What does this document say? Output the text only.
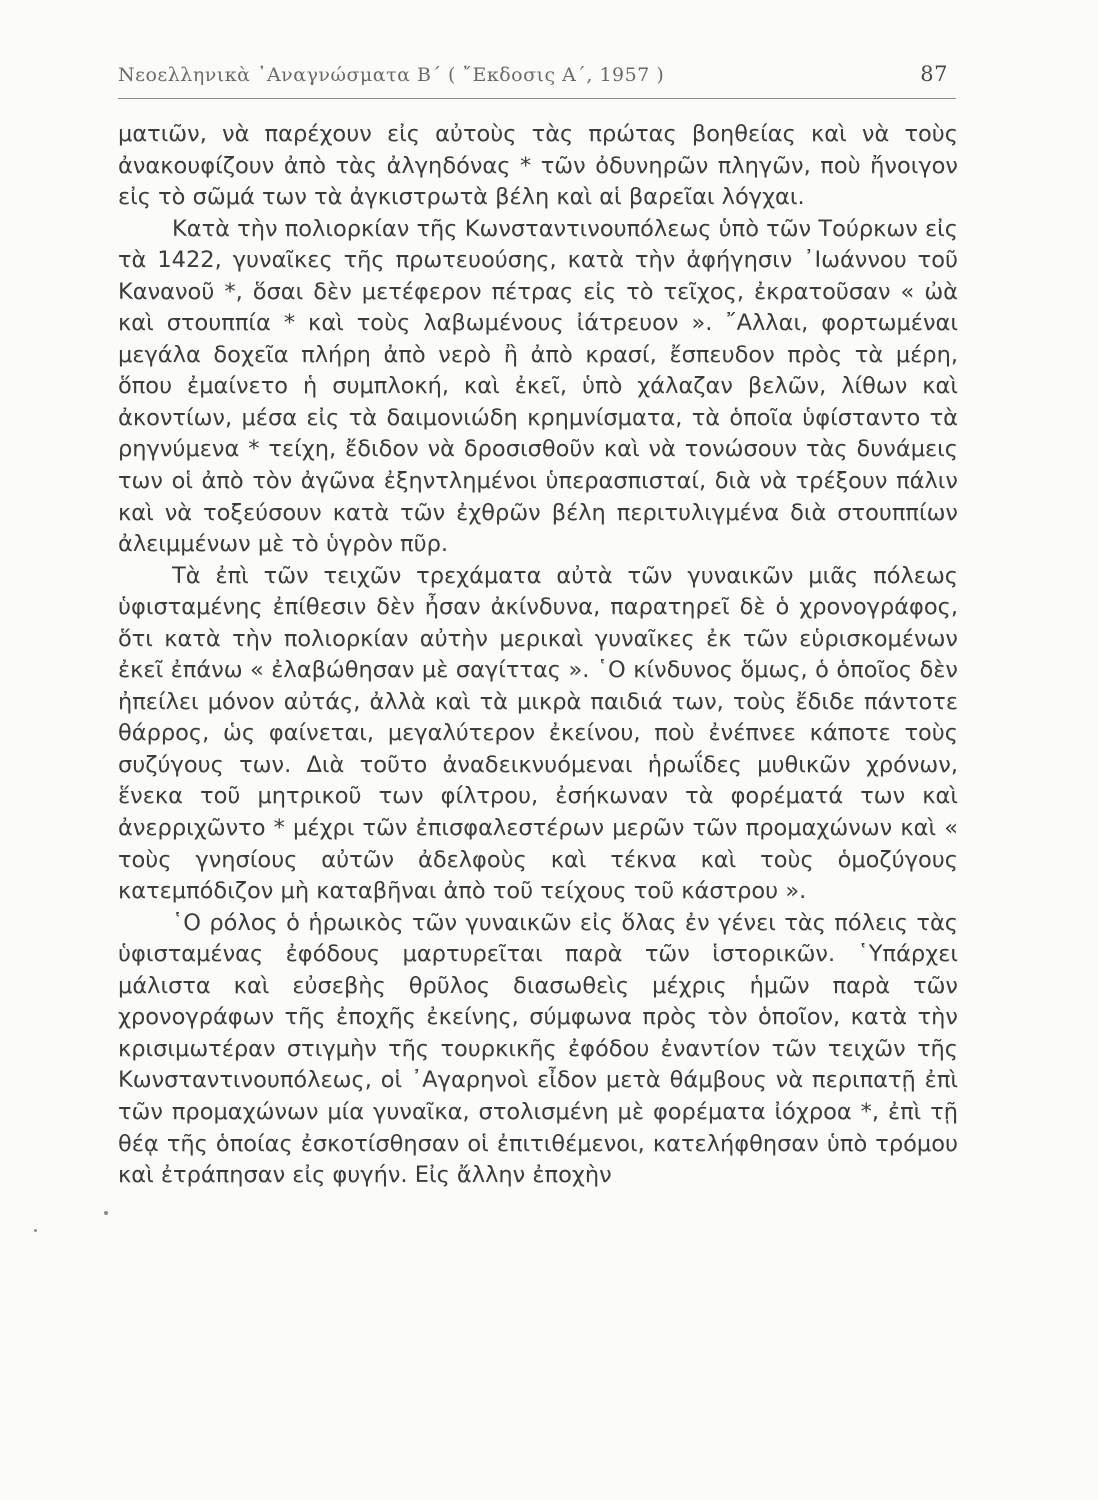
Νεοελληνικὰ ᾿Αναγνώσματα Β΄ ( ῎Εκδοσις Α΄, 1957 )	87

ματιῶν, νὰ παρέχουν εἰς αὐτοὺς τὰς πρώτας βοηθείας καὶ νὰ τοὺς ἀνακουφίζουν ἀπὸ τὰς ἀλγηδόνας * τῶν ὀδυνηρῶν πληγῶν, ποὺ ἤνοιγον εἰς τὸ σῶμά των τὰ ἀγκιστρωτὰ βέλη καὶ αἱ βαρεῖαι λόγχαι.

Κατὰ τὴν πολιορκίαν τῆς Κωνσταντινουπόλεως ὑπὸ τῶν Τούρκων εἰς τὰ 1422, γυναῖκες τῆς πρωτευούσης, κατὰ τὴν ἀφήγησιν ᾿Ιωάννου τοῦ Κανανοῦ *, ὅσαι δὲν μετέφερον πέτρας εἰς τὸ τεῖχος, ἐκρατοῦσαν « ὠὰ καὶ στουππία * καὶ τοὺς λαβωμένους ἰάτρευον ». ῎Αλλαι, φορτωμέναι μεγάλα δοχεῖα πλήρη ἀπὸ νερὸ ἢ ἀπὸ κρασί, ἔσπευδον πρὸς τὰ μέρη, ὅπου ἐμαίνετο ἡ συμπλοκή, καὶ ἐκεῖ, ὑπὸ χάλαζαν βελῶν, λίθων καὶ ἀκοντίων, μέσα εἰς τὰ δαιμονιώδη κρημνίσματα, τὰ ὁποῖα ὑφίσταντο τὰ ρηγνύμενα * τείχη, ἔδιδον νὰ δροσισθοῦν καὶ νὰ τονώσουν τὰς δυνάμεις των οἱ ἀπὸ τὸν ἀγῶνα ἐξηντλημένοι ὑπερασπισταί, διὰ νὰ τρέξουν πάλιν καὶ νὰ τοξεύσουν κατὰ τῶν ἐχθρῶν βέλη περιτυλιγμένα διὰ στουππίων ἀλειμμένων μὲ τὸ ὑγρὸν πῦρ.

Τὰ ἐπὶ τῶν τειχῶν τρεχάματα αὐτὰ τῶν γυναικῶν μιᾶς πόλεως ὑφισταμένης ἐπίθεσιν δὲν ἦσαν ἀκίνδυνα, παρατηρεῖ δὲ ὁ χρονογράφος, ὅτι κατὰ τὴν πολιορκίαν αὐτὴν μερικαὶ γυναῖκες ἐκ τῶν εὑρισκομένων ἐκεῖ ἐπάνω « ἐλαβώθησαν μὲ σαγίττας ». ῾Ο κίνδυνος ὅμως, ὁ ὁποῖος δὲν ἠπείλει μόνον αὐτάς, ἀλλὰ καὶ τὰ μικρὰ παιδιά των, τοὺς ἔδιδε πάντοτε θάρρος, ὡς φαίνεται, μεγαλύτερον ἐκείνου, ποὺ ἐνέπνεε κάποτε τοὺς συζύγους των. Διὰ τοῦτο ἀναδεικνυόμεναι ἡρωΐδες μυθικῶν χρόνων, ἕνεκα τοῦ μητρικοῦ των φίλτρου, ἐσήκωναν τὰ φορέματά των καὶ ἀνερριχῶντο * μέχρι τῶν ἐπισφαλεστέρων μερῶν τῶν προμαχώνων καὶ « τοὺς γνησίους αὐτῶν ἀδελφοὺς καὶ τέκνα καὶ τοὺς ὁμοζύγους κατεμπόδιζον μὴ καταβῆναι ἀπὸ τοῦ τείχους τοῦ κάστρου ».

῾Ο ρόλος ὁ ἡρωικὸς τῶν γυναικῶν εἰς ὅλας ἐν γένει τὰς πόλεις τὰς ὑφισταμένας ἐφόδους μαρτυρεῖται παρὰ τῶν ἱστορικῶν. ῾Υπάρχει μάλιστα καὶ εὐσεβὴς θρῦλος διασωθεὶς μέχρις ἡμῶν παρὰ τῶν χρονογράφων τῆς ἐποχῆς ἐκείνης, σύμφωνα πρὸς τὸν ὁποῖον, κατὰ τὴν κρισιμωτέραν στιγμὴν τῆς τουρκικῆς ἐφόδου ἐναντίον τῶν τειχῶν τῆς Κωνσταντινουπόλεως, οἱ ᾿Αγαρηνοὶ εἶδον μετὰ θάμβους νὰ περιπατῇ ἐπὶ τῶν προμαχώνων μία γυναῖκα, στολισμένη μὲ φορέματα ἰόχροα *, ἐπὶ τῇ θέᾳ τῆς ὁποίας ἐσκοτίσθησαν οἱ ἐπιτιθέμενοι, κατελήφθησαν ὑπὸ τρόμου καὶ ἐτράπησαν εἰς φυγήν. Εἰς ἄλλην ἐποχὴν
